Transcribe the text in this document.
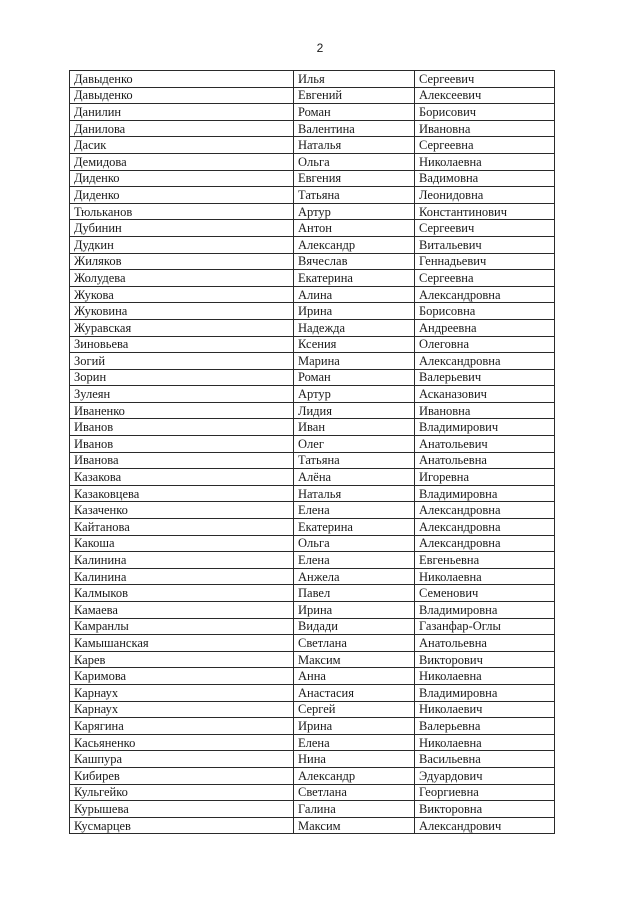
2
Давыденко	Илья	Сергеевич
Давыденко	Евгений	Алексеевич
Данилин	Роман	Борисович
Данилова	Валентина	Ивановна
Дасик	Наталья	Сергеевна
Демидова	Ольга	Николаевна
Диденко	Евгения	Вадимовна
Диденко	Татьяна	Леонидовна
Тюльканов	Артур	Константинович
Дубинин	Антон	Сергеевич
Дудкин	Александр	Витальевич
Жиляков	Вячеслав	Геннадьевич
Жолудева	Екатерина	Сергеевна
Жукова	Алина	Александровна
Жуковина	Ирина	Борисовна
Журавская	Надежда	Андреевна
Зиновьева	Ксения	Олеговна
Зогий	Марина	Александровна
Зорин	Роман	Валерьевич
Зулеян	Артур	Асканазович
Иваненко	Лидия	Ивановна
Иванов	Иван	Владимирович
Иванов	Олег	Анатольевич
Иванова	Татьяна	Анатольевна
Казакова	Алёна	Игоревна
Казаковцева	Наталья	Владимировна
Казаченко	Елена	Александровна
Кайтанова	Екатерина	Александровна
Какоша	Ольга	Александровна
Калинина	Елена	Евгеньевна
Калинина	Анжела	Николаевна
Калмыков	Павел	Семенович
Камаева	Ирина	Владимировна
Камранлы	Видади	Газанфар-Оглы
Камышанская	Светлана	Анатольевна
Карев	Максим	Викторович
Каримова	Анна	Николаевна
Карнаух	Анастасия	Владимировна
Карнаух	Сергей	Николаевич
Карягина	Ирина	Валерьевна
Касьяненко	Елена	Николаевна
Кашпура	Нина	Васильевна
Кибирев	Александр	Эдуардович
Кульгейко	Светлана	Георгиевна
Курышева	Галина	Викторовна
Кусмарцев	Максим	Александрович
